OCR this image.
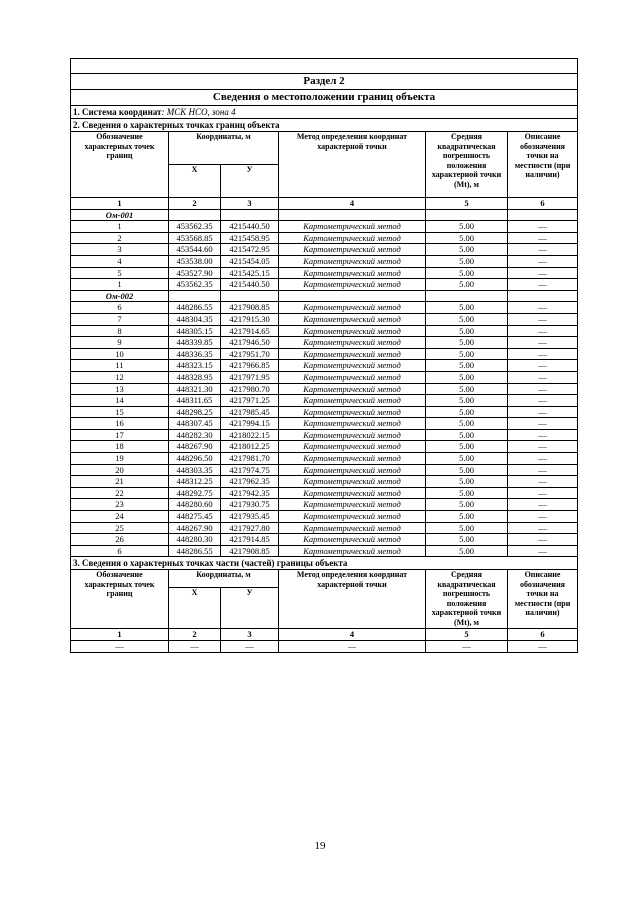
Раздел 2					
Сведения о местоположении границ объекта					
1. Система координат: МСК НСО, зона 4					
2. Сведения о характерных точках границ объекта					
Обозначение характерных точек границ	Координаты, м		Метод определения координат характерной точки	Средняя квадратическая погрешность положения характерной точки (Mt), м	Описание обозначения точки на местности (при наличии)
	X	У			
1	2	3	4	5	6
Ом-001					
1	453562.35	4215440.50	Картометрический метод	5.00	—
2	453568.85	4215458.95	Картометрический метод	5.00	—
3	453544.60	4215472.95	Картометрический метод	5.00	—
4	453538.00	4215454.05	Картометрический метод	5.00	—
5	453527.90	4215425.15	Картометрический метод	5.00	—
1	453562.35	4215440.50	Картометрический метод	5.00	—
Ом-002					
6	448286.55	4217908.85	Картометрический метод	5.00	—
7	448304.35	4217915.30	Картометрический метод	5.00	—
8	448305.15	4217914.65	Картометрический метод	5.00	—
9	448339.85	4217946.50	Картометрический метод	5.00	—
10	448336.35	4217951.70	Картометрический метод	5.00	—
11	448323.15	4217966.85	Картометрический метод	5.00	—
12	448328.95	4217971.95	Картометрический метод	5.00	—
13	448321.30	4217980.70	Картометрический метод	5.00	—
14	448311.65	4217971.25	Картометрический метод	5.00	—
15	448298.25	4217985.45	Картометрический метод	5.00	—
16	448307.45	4217994.15	Картометрический метод	5.00	—
17	448282.30	4218022.15	Картометрический метод	5.00	—
18	448267.90	4218012.25	Картометрический метод	5.00	—
19	448296.50	4217981.70	Картометрический метод	5.00	—
20	448303.35	4217974.75	Картометрический метод	5.00	—
21	448312.25	4217962.35	Картометрический метод	5.00	—
22	448292.75	4217942.35	Картометрический метод	5.00	—
23	448280.60	4217930.75	Картометрический метод	5.00	—
24	448275.45	4217935.45	Картометрический метод	5.00	—
25	448267.90	4217927.80	Картометрический метод	5.00	—
26	448280.30	4217914.85	Картометрический метод	5.00	—
6	448286.55	4217908.85	Картометрический метод	5.00	—
3. Сведения о характерных точках части (частей) границы объекта					
Обозначение характерных точек границ	Координаты, м		Метод определения координат характерной точки	Средняя квадратическая погрешность положения характерной точки (Mt), м	Описание обозначения точки на местности (при наличии)
	X	У			
1	2	3	4	5	6
—	—	—	—	—	—
19
